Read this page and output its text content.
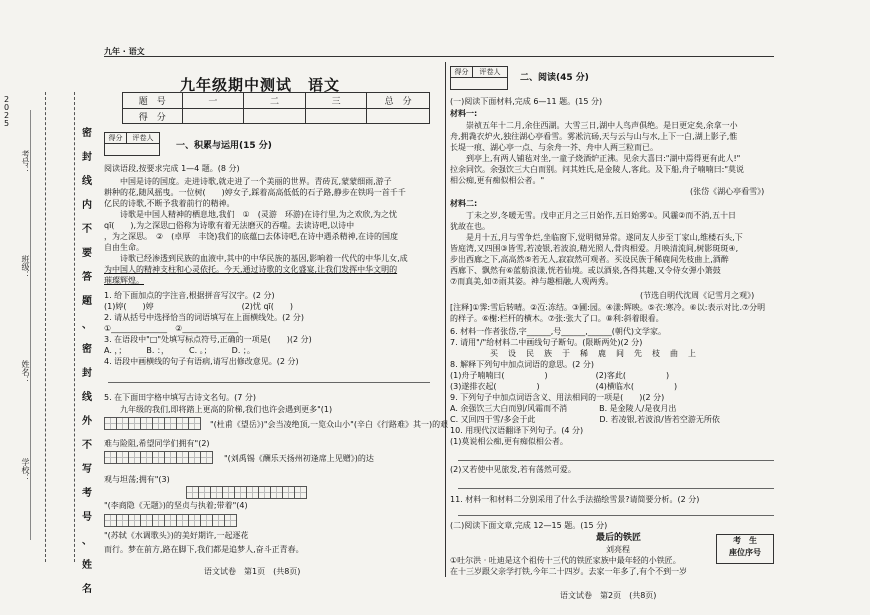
九年 · 语文
2025
密
封
线
内
不
要
答
题
、
密
封
线
外
不
写
考
号
、
姓
名
考号：
班级：
姓名：
学校：
九年级期中测试　语文
题　号	一	二	三	总　分
得　分
得分	评卷人
一、积累与运用(15 分)
阅读语段,按要求完成 1—4 题。(8 分)
　　中国是诗的国度。走进诗歌,就走进了一个美丽的世界。青砖瓦,蒙蒙细雨,游子
耕种的花,随风摇曳。一位树(　　)婷女子,踩着高高低低的石子路,静步在铁吗一首千千
亿民的诗歌,不断予我着前行的精神。
　　诗歌是中国人精神的栖息地,我们　①　(灵游　环游)在诗行里,为之欢欣,为之忧
qī(　　),为之深思□俗称为诗歌有着无法磨灭的吞噬。去读诗吧,以诗中
，为之深思。　②　(卓厚　丰饶)我们的底蕴□去体诗吧,在诗中遇杀精神,在诗的国度
自由生命。
　　诗歌已经渗透到民族的血液中,其中的中华民族的基因,影响着一代代的中华儿女,成
为中国人的精神支柱和心灵依托。今天,通过诗歌的文化盛宴,让我们发挥中华文明的
璀璨辉煌。
1. 给下面加点的字注音,根据拼音写汉字。(2 分)
(1)婷(　　)婷　　　　　　　　　　　(2)忧 qī(　　)
2. 请从括号中选择恰当的词语填写在上面横线处。(2 分)
①______________　②______________
3. 在语段中"□"处填写标点符号,正确的一项是(　　)(2 分)
A. ，；　　　B. ：，　　　C. 。；　　　D. ；。
4. 语段中画横线的句子有语病,请写出修改意见。(2 分)
5. 在下面田字格中填写古诗文名句。(7 分)
　　九年级的我们,即将踏上更高的阶梯,我们也许会遇到更多"(1)
"(杜甫《望岳》)"会当凌绝顶,一览众山小"(辛白《行路难》其一)的艰
难与险阻,希望同学们拥有"(2)
"(刘禹锡《酬乐天扬州初逢席上见赠》)的达
观与坦荡;拥有"(3)
"(李商隐《无题》)的坚贞与执着;带着"(4)
"(苏轼《水调歌头》)的美好期许,一起逐花
而行。梦在前方,路在脚下,我们都是追梦人,奋斗正青春。
语文试卷　第1页　(共8页)
得分	评卷人
二、阅读(45 分)
(一)阅读下面材料,完成 6—11 题。(15 分)
材料一:
　　崇祯五年十二月,余住西湖。大雪三日,湖中人鸟声俱绝。是日更定矣,余拿一小
舟,拥毳衣炉火,独往湖心亭看雪。雾凇沆砀,天与云与山与水,上下一白,湖上影子,惟
长堤一痕、湖心亭一点、与余舟一芥、舟中人两三粒而已。
　　到亭上,有两人铺毡对坐,一童子烧酒炉正沸。见余大喜曰:"湖中焉得更有此人!"
拉余同饮。余强饮三大白而别。问其姓氏,是金陵人,客此。及下船,舟子喃喃曰:"莫说
相公痴,更有痴似相公者。"
(张岱《湖心亭看雪》)
材料二:
　　丁未之岁,冬暖无雪。戊申正月之三日始作,五日始雾①。风霾②而不消,五十日
犹故在也。
　　是月十五,月与雪争烂,坐临窗下,觉明彻异常。遂同友人步至丁家山,维楼石头,下
皆庭湾,又四围③皆雪,若凌银,若波浪,精光照人,骨肉相爱。月映清流间,树影斑斑④,
步出西廊之下,高高然⑤若无人,寂寂然可观者。买设民族于稀鹿间先枝曲上,酒醉
西廊下、飘然有⑥蓝舫浪漾,恍若仙境。或以酒泉,各得其趣,又令侍女弹小箫鼓
⑦而真美,如⑦雨其姿。神与趣相融,人观两秀。
(节选自明代沈周《记雪月之观》)
[注释]①霁:雪后转晴。②冱:冻结。③圃:园。④漾:辉映。⑤衣:寒冷。⑥以:表示对比.⑦分明
的样子。⑥榭:栏杆的横木。⑦张:张大了口。⑧利:斜着眼看。
6. 材料一作者张岱,字______,号______,______(朝代)文学家。
7. 请用"/"给材料二中画线句子断句。(限断两处)(2 分)
买　设　民　族　于　稀　鹿　间　先　枝　曲　上
8. 解释下列句中加点词语的意思。(2 分)
(1)舟子喃喃曰(　　　　　)　　　　　　(2)客此(　　　　　)
(3)遂排衣起(　　　　　)　　　　　　　(4)横临水(　　　　　)
9. 下列句子中加点词语含义、用法相同的一项是(　　)(2 分)
A. 余强饮三大白而别/风霜而不消　　　　B. 是金陵人/是夜月出
C. 又回四于雪/多会于此　　　　　　　　D. 若凌银,若波浪/皆若空游无所依
10. 用现代汉语翻译下列句子。(4 分)
(1)莫说相公痴,更有痴似相公者。
(2)又若使中见旅发,若有荡然可爱。
11. 材料一和材料二分别采用了什么手法描绘雪景?请简要分析。(2 分)
(二)阅读下面文章,完成 12—15 题。(15 分)
最后的铁匠
刘亮程
①吐尔洪 · 吐迪是这个祖传十三代的铁匠家族中最年轻的小铁匠。
在十三岁跟父亲学打铁,今年二十四岁。去家一年多了,有个不到一岁
考　生
座位序号
语文试卷　第2页　(共8页)
